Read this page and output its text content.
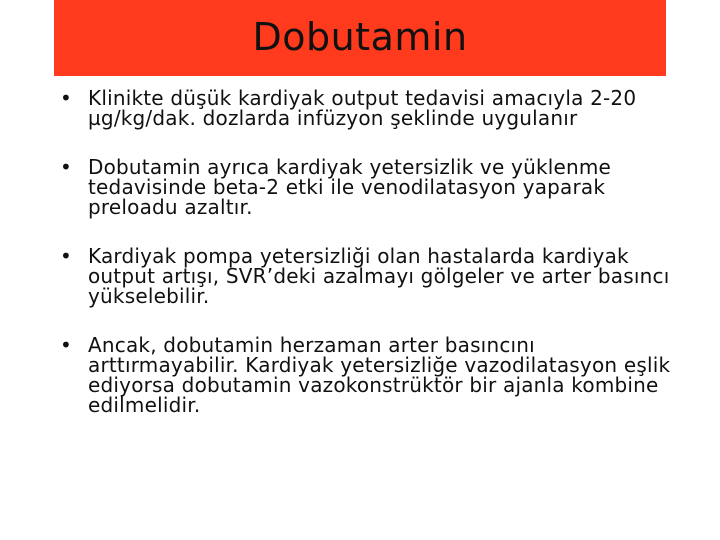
Dobutamin
• Klinikte düşük kardiyak output tedavisi amacıyla 2-20 µg/kg/dak. dozlarda infüzyon şeklinde uygulanır
• Dobutamin ayrıca kardiyak yetersizlik ve yüklenme tedavisinde beta-2 etki ile venodilatasyon yaparak preloadu azaltır.
• Kardiyak pompa yetersizliği olan hastalarda kardiyak output artışı, SVR’deki azalmayı gölgeler ve arter basıncı yükselebilir.
• Ancak, dobutamin herzaman arter basıncını arttırmayabilir. Kardiyak yetersizliğe vazodilatasyon eşlik ediyorsa dobutamin vazokonstrüktör bir ajanla kombine edilmelidir.
